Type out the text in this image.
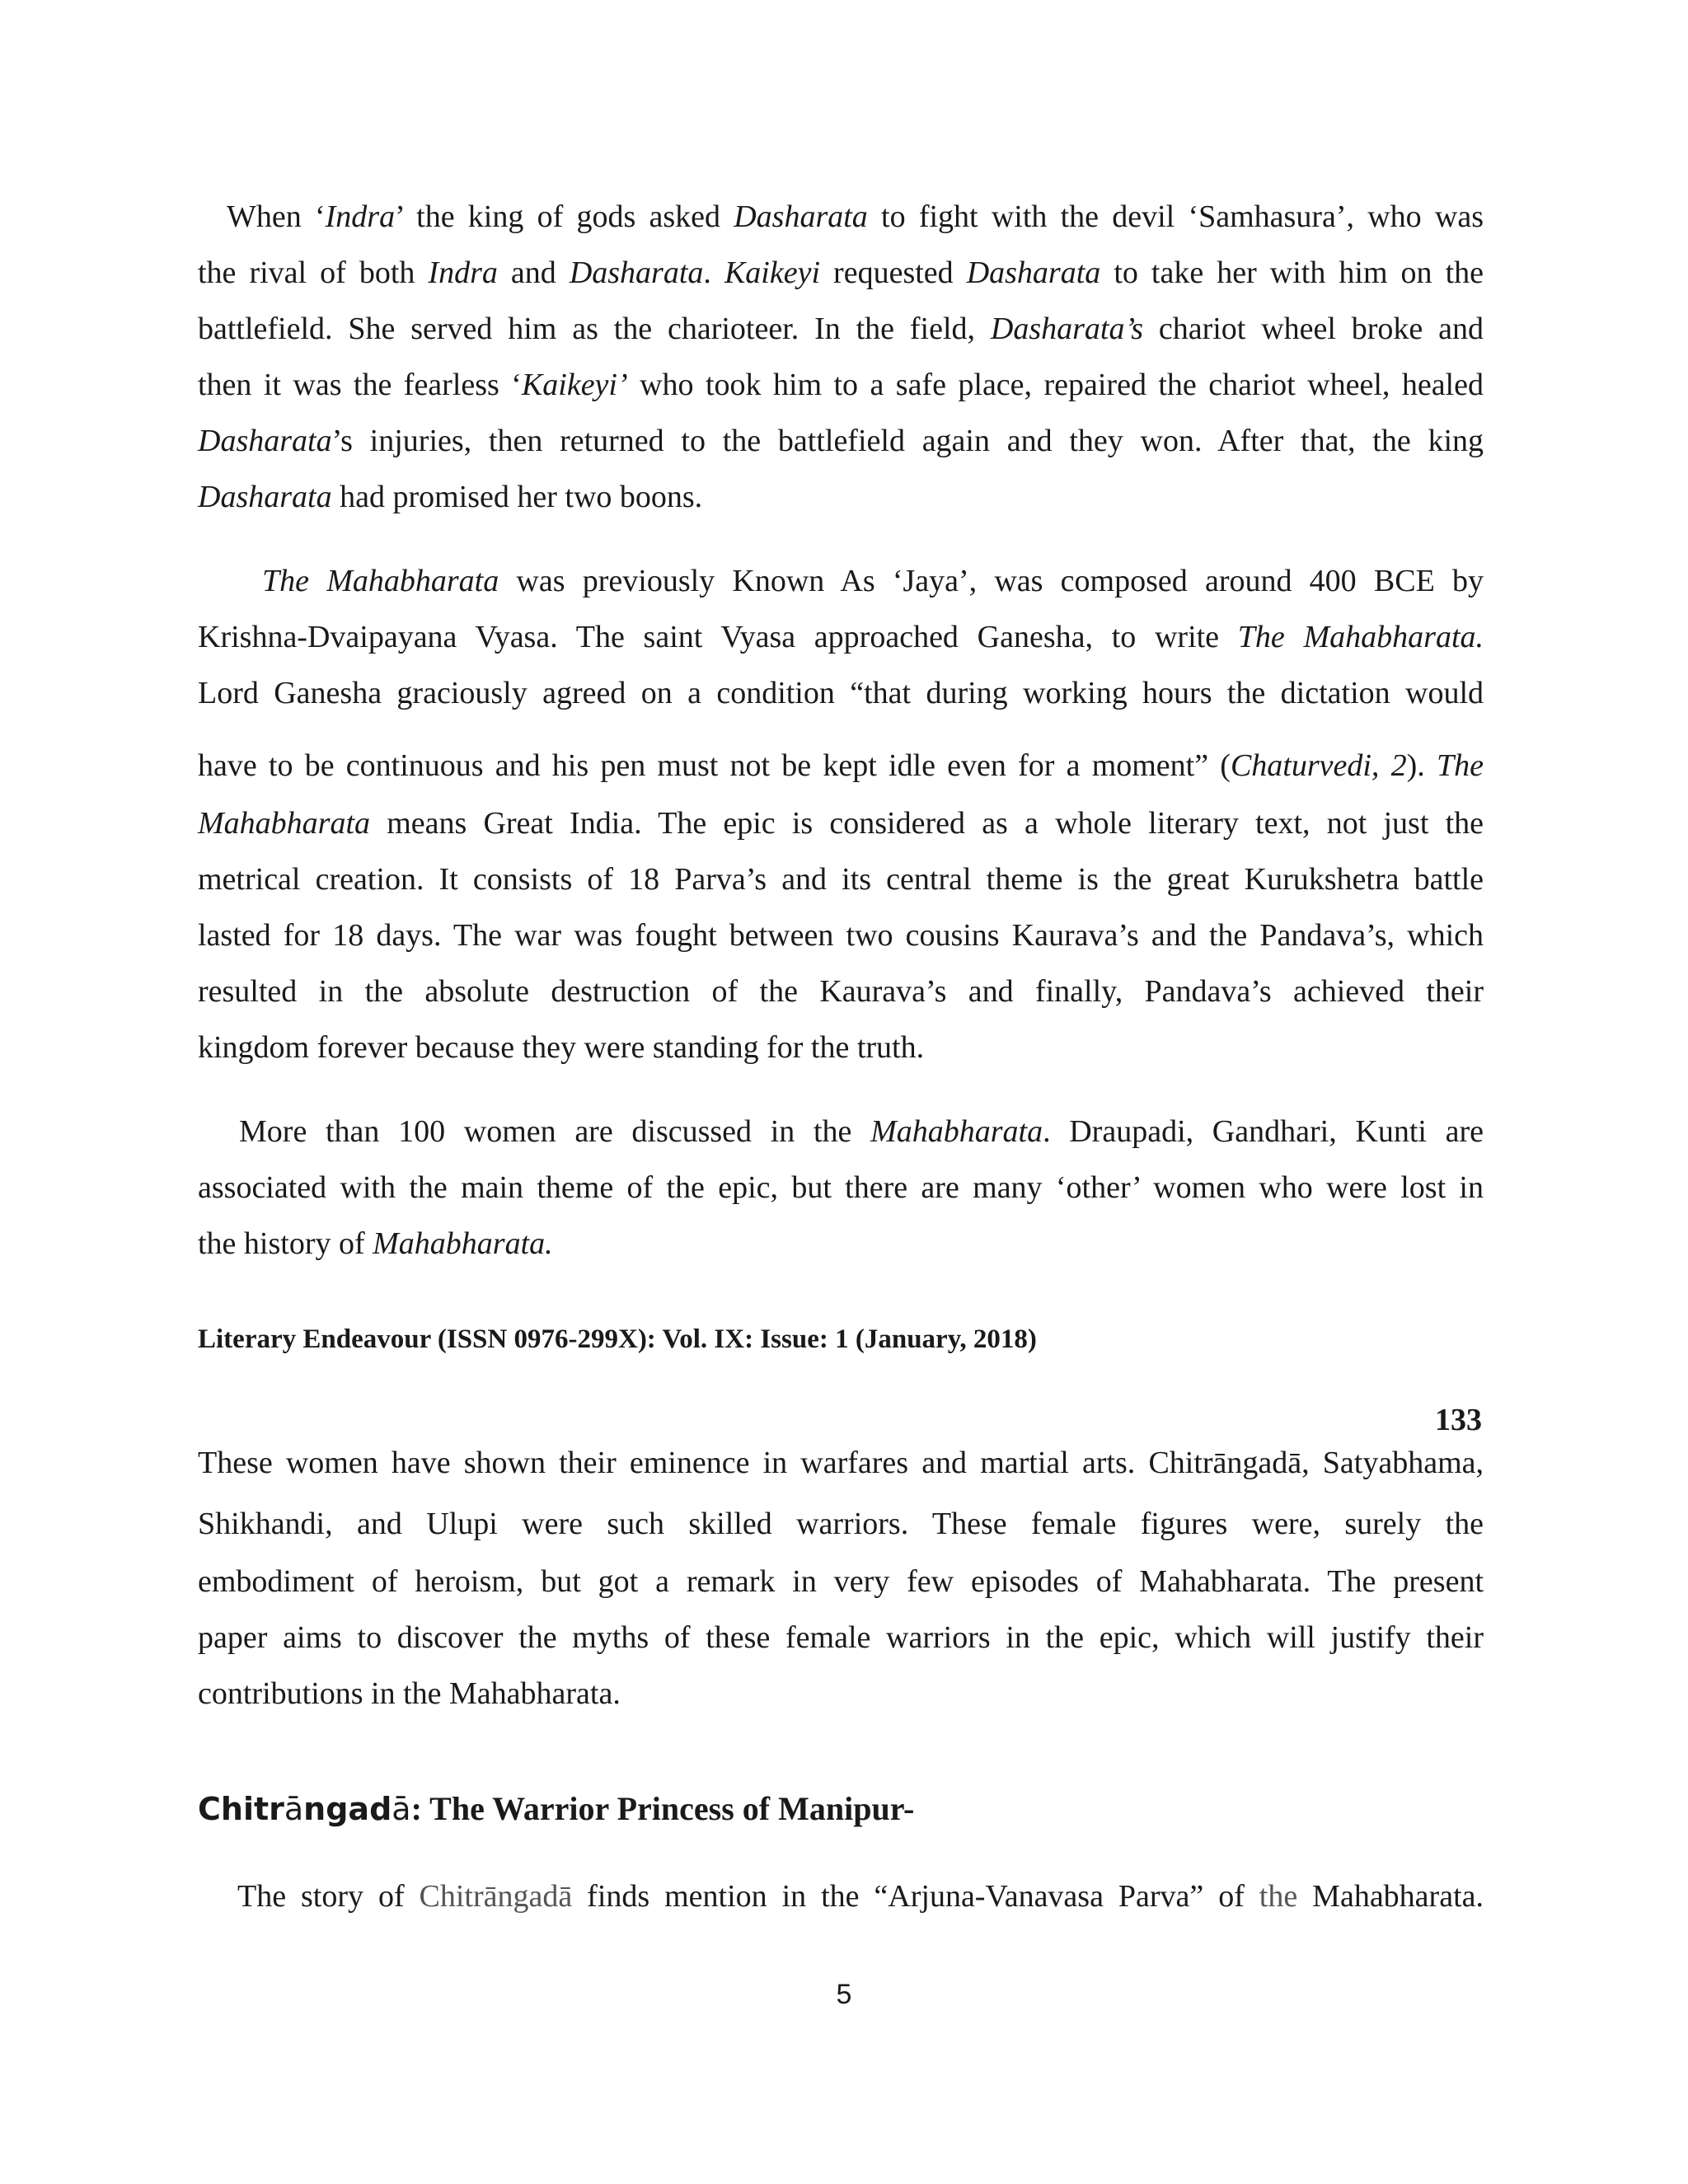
When ‘Indra’ the king of gods asked Dasharata to fight with the devil ‘Samhasura’, who was
the rival of both Indra and Dasharata. Kaikeyi requested Dasharata to take her with him on the
battlefield. She served him as the charioteer. In the field, Dasharata’s chariot wheel broke and
then it was the fearless ‘Kaikeyi’ who took him to a safe place, repaired the chariot wheel, healed
Dasharata’s injuries, then returned to the battlefield again and they won. After that, the king
Dasharata had promised her two boons.
The Mahabharata was previously Known As ‘Jaya’, was composed around 400 BCE by
Krishna-Dvaipayana Vyasa. The saint Vyasa approached Ganesha, to write The Mahabharata.
Lord Ganesha graciously agreed on a condition “that during working hours the dictation would
have to be continuous and his pen must not be kept idle even for a moment” (Chaturvedi, 2). The
Mahabharata means Great India. The epic is considered as a whole literary text, not just the
metrical creation. It consists of 18 Parva’s and its central theme is the great Kurukshetra battle
lasted for 18 days. The war was fought between two cousins Kaurava’s and the Pandava’s, which
resulted in the absolute destruction of the Kaurava’s and finally, Pandava’s achieved their
kingdom forever because they were standing for the truth.
More than 100 women are discussed in the Mahabharata. Draupadi, Gandhari, Kunti are
associated with the main theme of the epic, but there are many ‘other’ women who were lost in
the history of Mahabharata.
Literary Endeavour (ISSN 0976-299X): Vol. IX: Issue: 1 (January, 2018)
133
These women have shown their eminence in warfares and martial arts. Chitrāngadā, Satyabhama,
Shikhandi, and Ulupi were such skilled warriors. These female figures were, surely the
embodiment of heroism, but got a remark in very few episodes of Mahabharata. The present
paper aims to discover the myths of these female warriors in the epic, which will justify their
contributions in the Mahabharata.
Chitrāngadā: The Warrior Princess of Manipur-
The story of Chitrāngadā finds mention in the “Arjuna-Vanavasa Parva” of the Mahabharata.
5
